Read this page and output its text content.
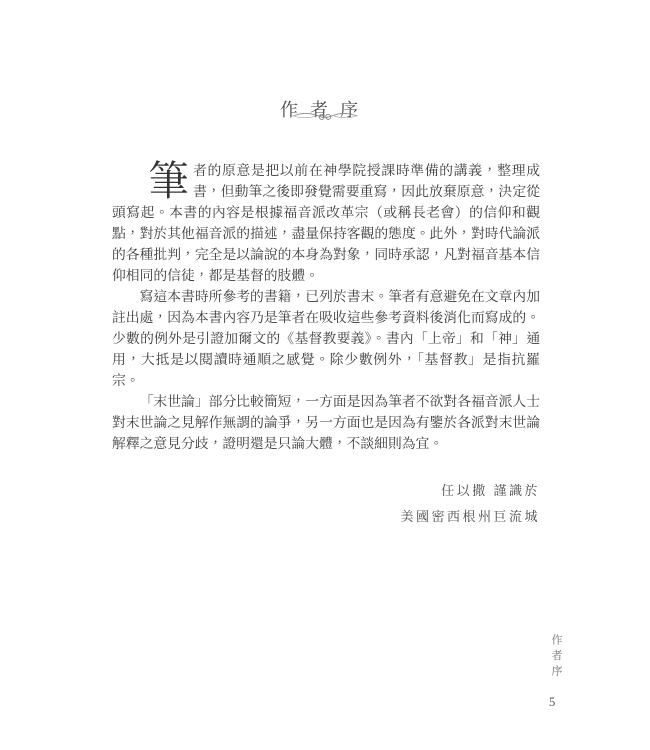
作者序

筆者的原意是把以前在神學院授課時準備的講義，整理成書，但動筆之後即發覺需要重寫，因此放棄原意，決定從頭寫起。本書的內容是根據福音派改革宗（或稱長老會）的信仰和觀點，對於其他福音派的描述，盡量保持客觀的態度。此外，對時代論派的各種批判，完全是以論說的本身為對象，同時承認，凡對福音基本信仰相同的信徒，都是基督的肢體。

寫這本書時所參考的書籍，已列於書末。筆者有意避免在文章內加註出處，因為本書內容乃是筆者在吸收這些參考資料後消化而寫成的。少數的例外是引證加爾文的《基督教要義》。書內「上帝」和「神」通用，大抵是以閱讀時通順之感覺。除少數例外，「基督教」是指抗羅宗。

「末世論」部分比較簡短，一方面是因為筆者不欲對各福音派人士對末世論之見解作無謂的論爭，另一方面也是因為有鑒於各派對末世論解釋之意見分歧，證明還是只論大體，不談細則為宜。

任以撒 謹識於
美國密西根州巨流城
作者序
5
